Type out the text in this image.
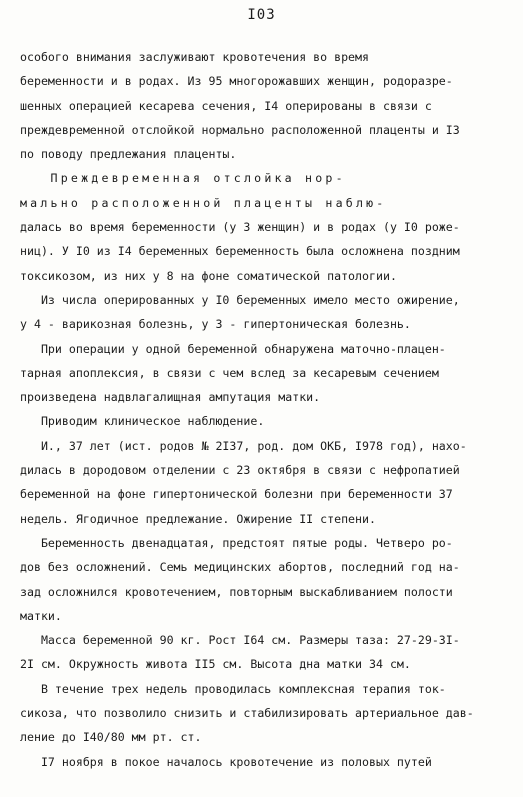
I03
особого внимания заслуживают кровотечения во время
беременности и в родах. Из 95 многорожавших женщин, родоразре-
шенных операцией кесарева сечения, I4 оперированы в связи с
преждевременной отслойкой нормально расположенной плаценты и I3
по поводу предлежания плаценты.
Преждевременная отслойка нор-
мально расположенной плаценты наблю-
далась во время беременности (у 3 женщин) и в родах (у I0 роже-
ниц). У I0 из I4 беременных беременность была осложнена поздним
токсикозом, из них у 8 на фоне соматической патологии.
Из числа оперированных у I0 беременных имело место ожирение,
у 4 - варикозная болезнь, у 3 - гипертоническая болезнь.
При операции у одной беременной обнаружена маточно-плацен-
тарная апоплексия, в связи с чем вслед за кесаревым сечением
произведена надвлагалищная ампутация матки.
Приводим клиническое наблюдение.
И., 37 лет (ист. родов № 2I37, род. дом ОКБ, I978 год), нахо-
дилась в дородовом отделении с 23 октября в связи с нефропатией
беременной на фоне гипертонической болезни при беременности 37
недель. Ягодичное предлежание. Ожирение II степени.
Беременность двенадцатая, предстоят пятые роды. Четверо ро-
дов без осложнений. Семь медицинских абортов, последний год на-
зад осложнился кровотечением, повторным выскабливанием полости
матки.
Масса беременной 90 кг. Рост I64 см. Размеры таза: 27-29-3I-
2I см. Окружность живота II5 см. Высота дна матки 34 см.
В течение трех недель проводилась комплексная терапия ток-
сикоза, что позволило снизить и стабилизировать артериальное дав-
ление до I40/80 мм рт. ст.
I7 ноября в покое началось кровотечение из половых путей
